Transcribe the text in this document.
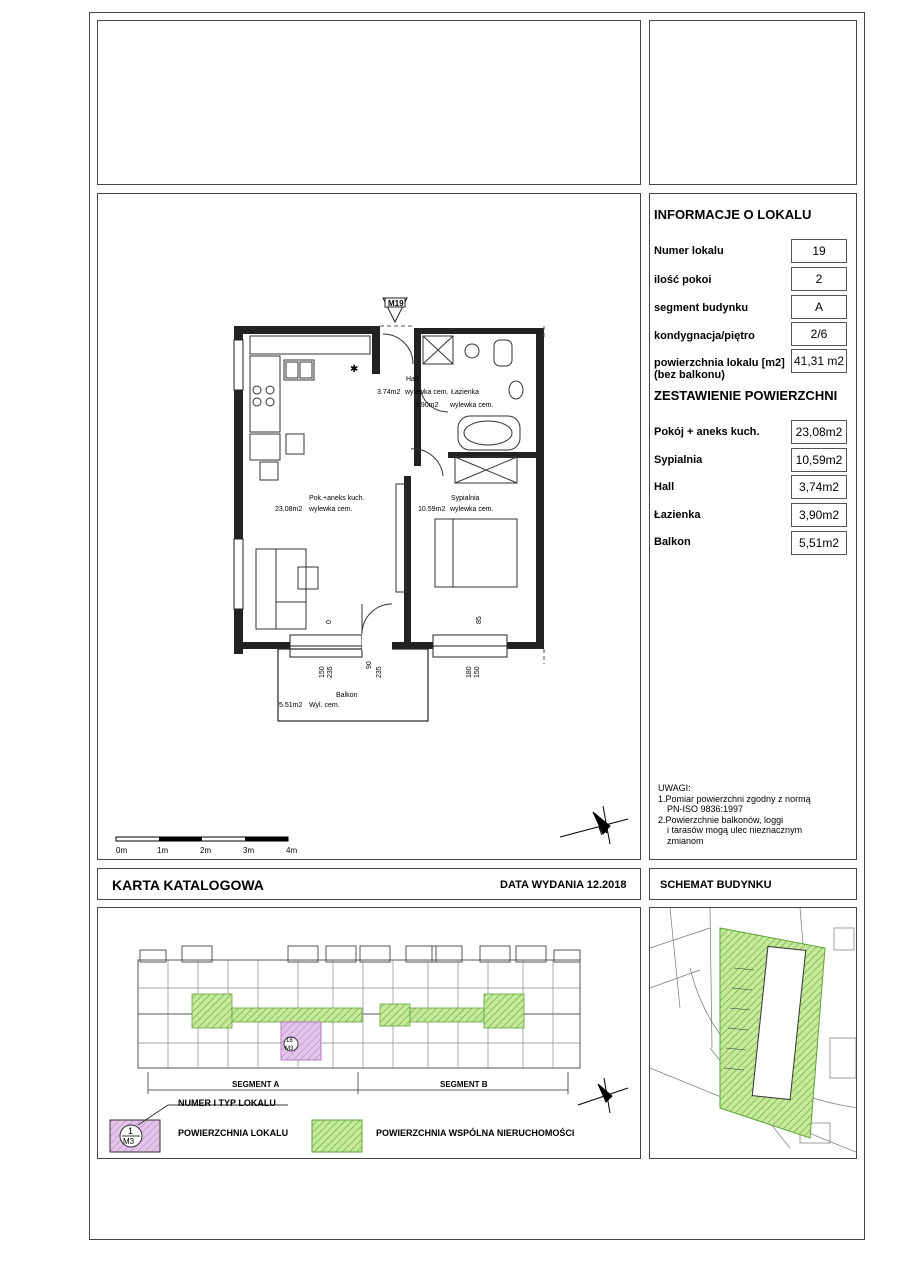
✱
M19
Hall
3.74m2 wylewka cem. Łazienka
3.90m2 wylewka cem.
Pok.+aneks kuch.
23.08m2 wylewka cem.
Sypialnia
10.59m2 wylewka cem.
Balkon
5.51m2 Wyl. cem.
150 235
90
235	180 150
0	85
0m	1m	2m	3m	4m
N
INFORMACJE O LOKALU
Numer lokalu	19
ilość pokoi	2
segment budynku	A
kondygnacja/piętro	2/6
powierzchnia lokalu [m2]
(bez balkonu)
41,31 m2
ZESTAWIENIE POWIERZCHNI
Pokój + aneks kuch.	23,08m2
Sypialnia	10,59m2
Hall	3,74m2
Łazienka	3,90m2
Balkon	5,51m2
UWAGI:
1.Pomiar powierzchni zgodny z normą
PN-ISO 9836:1997
2.Powierzchnie balkonów, loggi
i tarasów mogą ulec nieznacznym
zmianom
KARTA KATALOGOWA	DATA WYDANIA 12.2018	SCHEMAT BUDYNKU
18
M3
SEGMENT A	SEGMENT B
N
1
M3
NUMER I TYP LOKALU
POWIERZCHNIA LOKALU	POWIERZCHNIA WSPÓLNA NIERUCHOMOŚCI
